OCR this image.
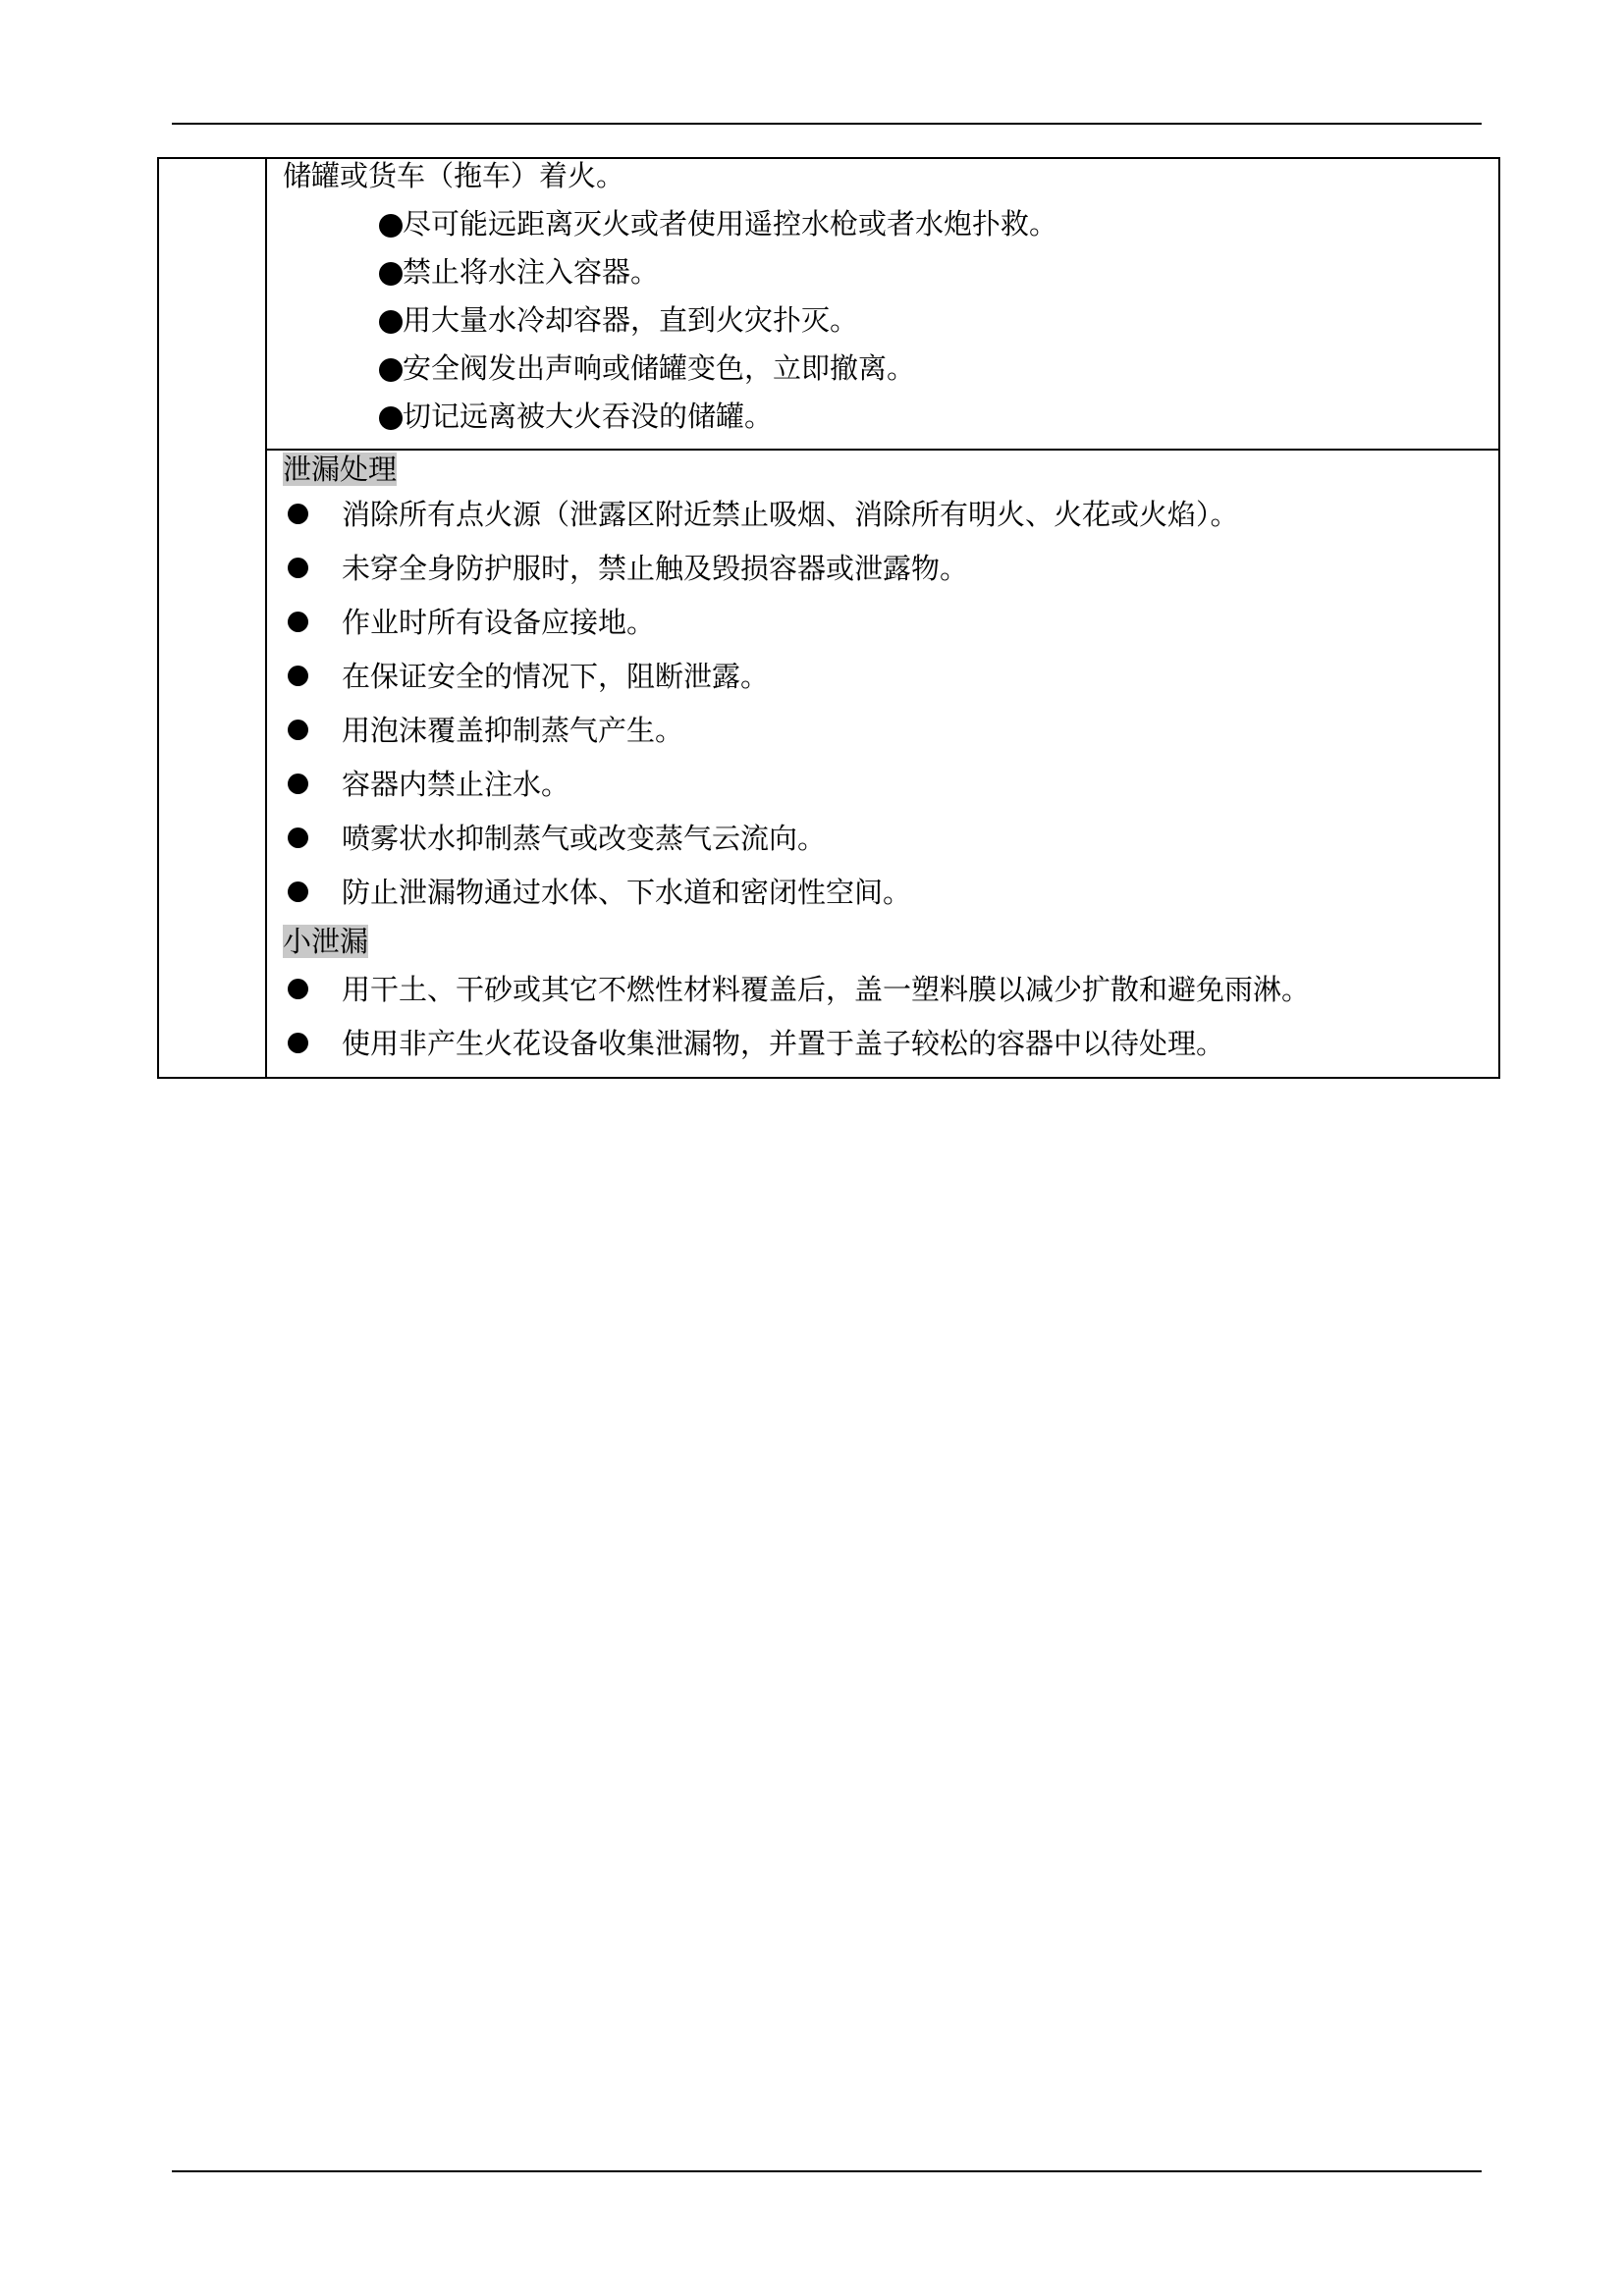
储罐或货车（拖车）着火。
尽可能远距离灭火或者使用遥控水枪或者水炮扑救。
禁止将水注入容器。
用大量水冷却容器，直到火灾扑灭。
安全阀发出声响或储罐变色，立即撤离。
切记远离被大火吞没的储罐。

泄漏处理
消除所有点火源（泄露区附近禁止吸烟、消除所有明火、火花或火焰）。
未穿全身防护服时，禁止触及毁损容器或泄露物。
作业时所有设备应接地。
在保证安全的情况下，阻断泄露。
用泡沫覆盖抑制蒸气产生。
容器内禁止注水。
喷雾状水抑制蒸气或改变蒸气云流向。
防止泄漏物通过水体、下水道和密闭性空间。
小泄漏
用干土、干砂或其它不燃性材料覆盖后，盖一塑料膜以减少扩散和避免雨淋。
使用非产生火花设备收集泄漏物，并置于盖子较松的容器中以待处理。
